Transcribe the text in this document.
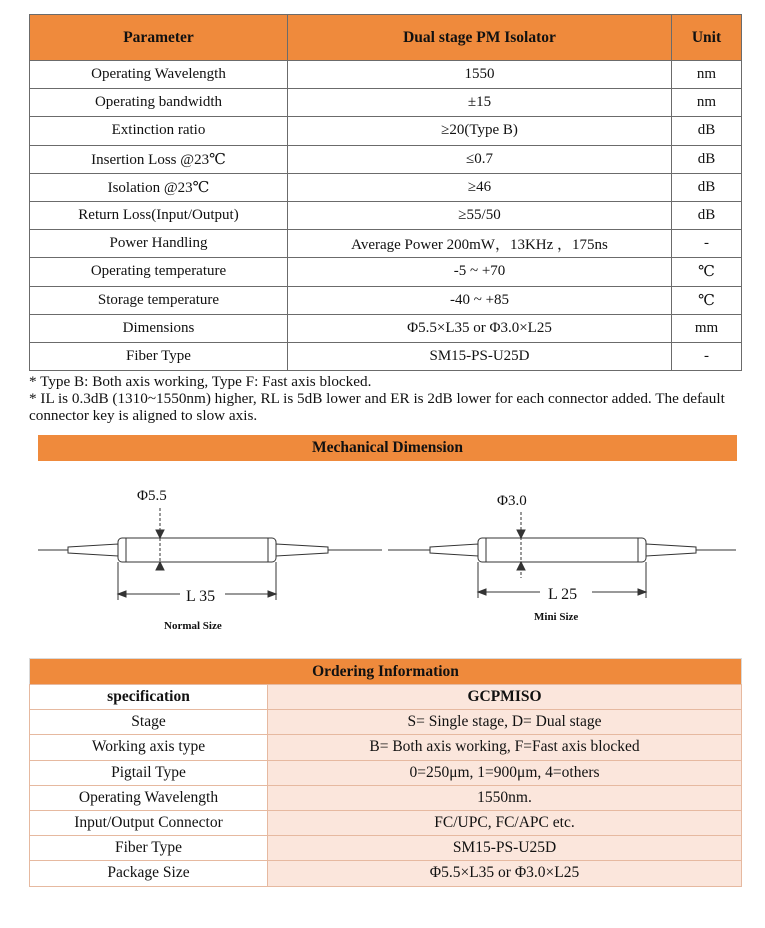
Parameter	Dual stage PM Isolator	Unit
Operating Wavelength	1550	nm
Operating bandwidth	±15	nm
Extinction ratio	≥20(Type B)	dB
Insertion Loss @23℃	≤0.7	dB
Isolation @23℃	≥46	dB
Return Loss(Input/Output)	≥55/50	dB
Power Handling	Average Power 200mW，13KHz ，175ns	-
Operating temperature	-5 ~ +70	℃
Storage temperature	-40 ~ +85	℃
Dimensions	Φ5.5×L35 or Φ3.0×L25	mm
Fiber Type	SM15-PS-U25D	-
* Type B: Both axis working, Type F: Fast axis blocked.
* IL is 0.3dB (1310~1550nm) higher, RL is 5dB lower and ER is 2dB lower for each connector added. The default connector key is aligned to slow axis.
Mechanical Dimension
Φ5.5
L 35
Normal Size
Φ3.0
L 25
Mini Size
Ordering Information
specification	GCPMISO
Stage	S= Single stage, D= Dual stage
Working axis type	B= Both axis working, F=Fast axis blocked
Pigtail Type	0=250μm, 1=900μm, 4=others
Operating Wavelength	1550nm.
Input/Output Connector	FC/UPC, FC/APC etc.
Fiber Type	SM15-PS-U25D
Package Size	Φ5.5×L35 or Φ3.0×L25
